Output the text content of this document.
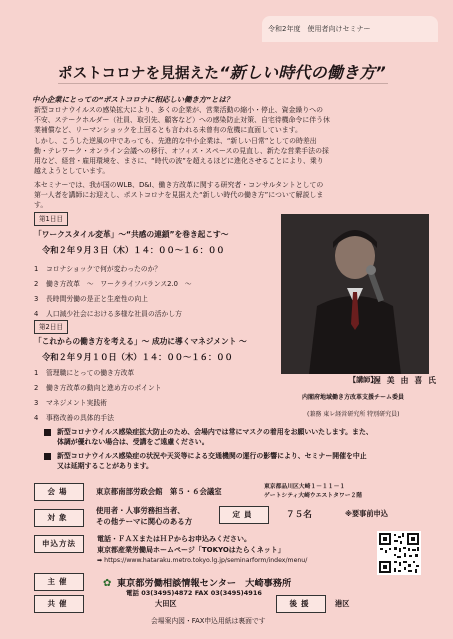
令和2年度　使用者向けセミナー
ポストコロナを見据えた“新しい時代の働き方”
中小企業にとっての“ポストコロナに相応しい働き方”とは？
新型コロナウイルスの感染拡大により、多くの企業が、営業活動の縮小・停止、資金繰りへの
不安、ステークホルダー（社員、取引先、顧客など）への感染防止対策、自宅待機命令に伴う休
業補償など、リーマンショックを上回るとも言われる未曾有の危機に直面しています。
しかし、こうした逆風の中であっても、先進的な中小企業は、“新しい日常”としての時差出
勤・テレワーク・オンライン会議への移行、オフィス・スペースの見直し、新たな営業手法の採
用など、経営・雇用環境を、まさに、“時代の波”を超えるほどに進化させることにより、乗り
越えようとしています。
本セミナーでは、我が国のWLB、D&I、働き方改革に関する研究者・コンサルタントとしての
第一人者を講師にお迎えし、ポストコロナを見据えた“新しい時代の働き方”について解説しま
す。
第1日目
「ワークスタイル変革」～“共感の連鎖”を巻き起こす～
令和２年９月３日（木）１４：００～１６：００
1 コロナショックで何が変わったのか？
2 働き方改革　～　ワークライフバランス2.0　～
3 長時間労働の是正と生産性の向上
4 人口減少社会における多様な社員の活かし方
第2日目
「これからの働き方を考える」～ 成功に導くマネジメント ～
令和２年９月１０日（木）１４：００～１６：００
1 管理職にとっての働き方改革
2 働き方改革の動向と進め方のポイント
3 マネジメント実践術
4 事務改善の具体的手法
【講師】
渥美由喜氏
内閣府地域働き方改革支援チーム委員
(兼務 東レ経営研究所 特別研究員)
新型コロナウイルス感染症拡大防止のため、会場内では常にマスクの着用をお願いいたします。また、
体調が優れない場合は、受講をご遠慮ください。
新型コロナウイルス感染症の状況や天災等による交通機関の運行の影響により、セミナー開催を中止
又は延期することがあります。
会場	東京都南部労政会館　第５・６会議室	東京都品川区大崎１－１１－１
ゲートシティ大崎ウエストタワー２階
対象
使用者・人事労務担当者、
その他テーマに関心のある方
定員	７５名	※要事前申込
申込方法	電話・ＦＡＸまたはＨＰからお申込みください。
東京都産業労働局ホームページ「TOKYOはたらくネット」
➡ https://www.hataraku.metro.tokyo.lg.jp/seminarform/index/menu/
主催	✿ 東京都労働相談情報センター　大崎事務所
電話 03(3495)4872 FAX 03(3495)4916
共催	大田区	後援	港区
会場案内図・FAX申込用紙は裏面です
